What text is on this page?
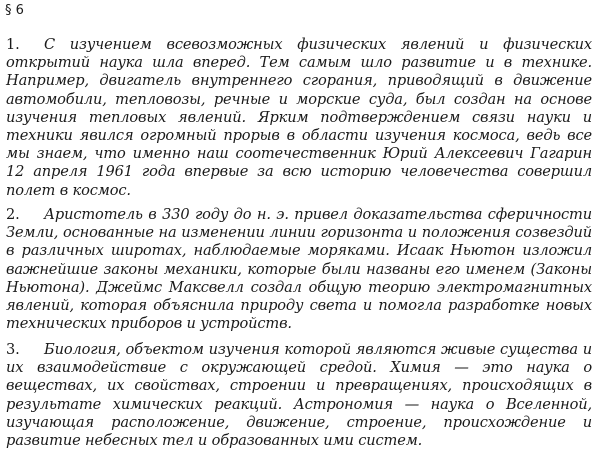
§ 6
1. С изучением всевозможных физических явлений и физических открытий наука шла вперед. Тем самым шло развитие и в технике. Например, двигатель внутреннего сгорания, приводящий в движение автомобили, тепловозы, речные и морские суда, был создан на основе изучения тепловых явлений. Ярким подтверждением связи науки и техники явился огромный прорыв в области изучения космоса, ведь все мы знаем, что именно наш соотечественник Юрий Алексеевич Гагарин 12 апреля 1961 года впервые за всю историю человечества совершил полет в космос.
2. Аристотель в 330 году до н. э. привел доказательства сферичности Земли, основанные на изменении линии горизонта и положения созвездий в различных широтах, наблюдаемые моряками. Исаак Ньютон изложил важнейшие законы механики, которые были названы его именем (Законы Ньютона). Джеймс Максвелл создал общую теорию электромагнитных явлений, которая объяснила природу света и помогла разработке новых технических приборов и устройств.
3. Биология, объектом изучения которой являются живые существа и их взаимодействие с окружающей средой. Химия — это наука о веществах, их свойствах, строении и превращениях, происходящих в результате химических реакций. Астрономия — наука о Вселенной, изучающая расположение, движение, строение, происхождение и развитие небесных тел и образованных ими систем.
